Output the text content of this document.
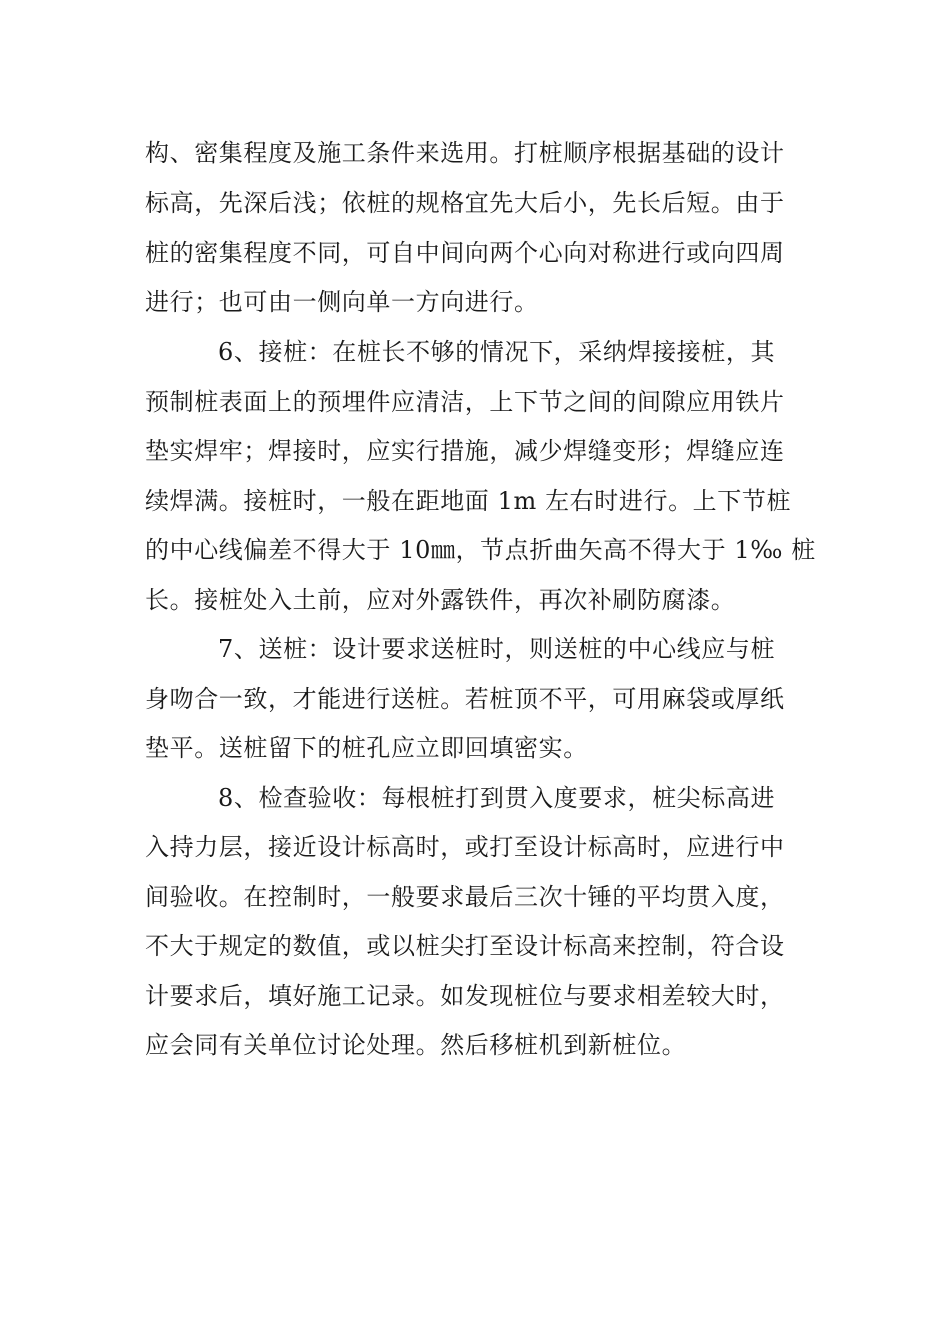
构、密集程度及施工条件来选用。打桩顺序根据基础的设计
标高，先深后浅；依桩的规格宜先大后小，先长后短。由于
桩的密集程度不同，可自中间向两个心向对称进行或向四周
进行；也可由一侧向单一方向进行。
6、接桩：在桩长不够的情况下，采纳焊接接桩，其
预制桩表面上的预埋件应清洁，上下节之间的间隙应用铁片
垫实焊牢；焊接时，应实行措施，减少焊缝变形；焊缝应连
续焊满。接桩时，一般在距地面 1m 左右时进行。上下节桩
的中心线偏差不得大于 10㎜，节点折曲矢高不得大于 1‰ 桩
长。接桩处入土前，应对外露铁件，再次补刷防腐漆。
7、送桩：设计要求送桩时，则送桩的中心线应与桩
身吻合一致，才能进行送桩。若桩顶不平，可用麻袋或厚纸
垫平。送桩留下的桩孔应立即回填密实。
8、检查验收：每根桩打到贯入度要求，桩尖标高进
入持力层，接近设计标高时，或打至设计标高时，应进行中
间验收。在控制时，一般要求最后三次十锤的平均贯入度，
不大于规定的数值，或以桩尖打至设计标高来控制，符合设
计要求后，填好施工记录。如发现桩位与要求相差较大时，
应会同有关单位讨论处理。然后移桩机到新桩位。
